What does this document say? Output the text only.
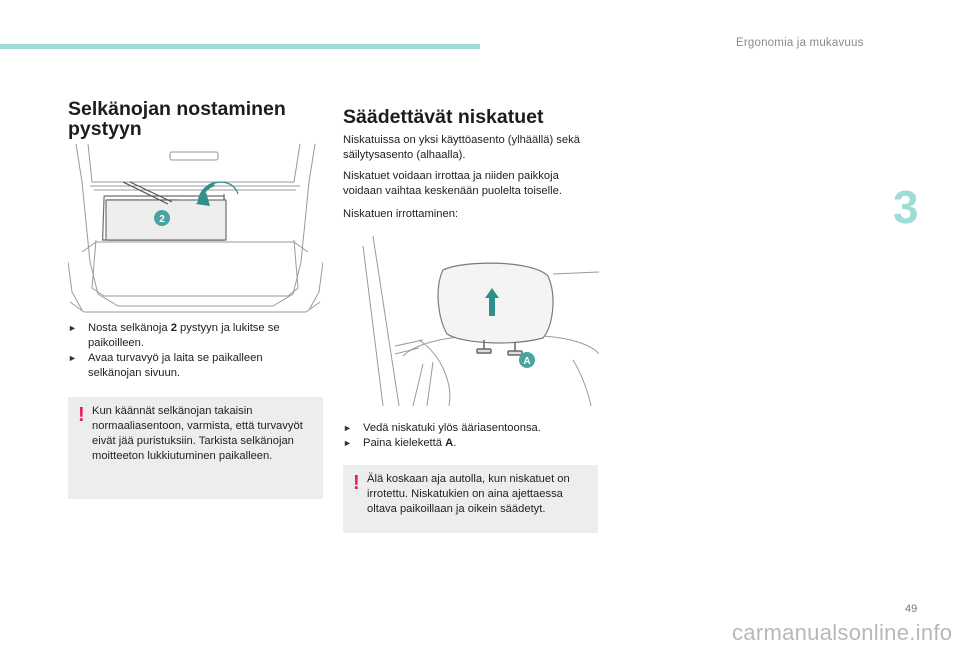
Ergonomia ja mukavuus
3
Selkänojan nostaminen pystyyn
2

► Nosta selkänoja 2 pystyyn ja lukitse se paikoilleen.

► Avaa turvavyö ja laita se paikalleen selkänojan sivuun.

! Kun käännät selkänojan takaisin normaaliasentoon, varmista, että turvavyöt eivät jää puristuksiin. Tarkista selkänojan moitteeton lukkiutuminen paikalleen.
Säädettävät niskatuet
Niskatuissa on yksi käyttöasento (ylhäällä) sekä säilytysasento (alhaalla).
Niskatuet voidaan irrottaa ja niiden paikkoja voidaan vaihtaa keskenään puolelta toiselle.
Niskatuen irrottaminen:
A

► Vedä niskatuki ylös ääriasentoonsa.

► Paina kielekettä A.

! Älä koskaan aja autolla, kun niskatuet on irrotettu. Niskatukien on aina ajettaessa oltava paikoillaan ja oikein säädetyt.
49
carmanualsonline.info
